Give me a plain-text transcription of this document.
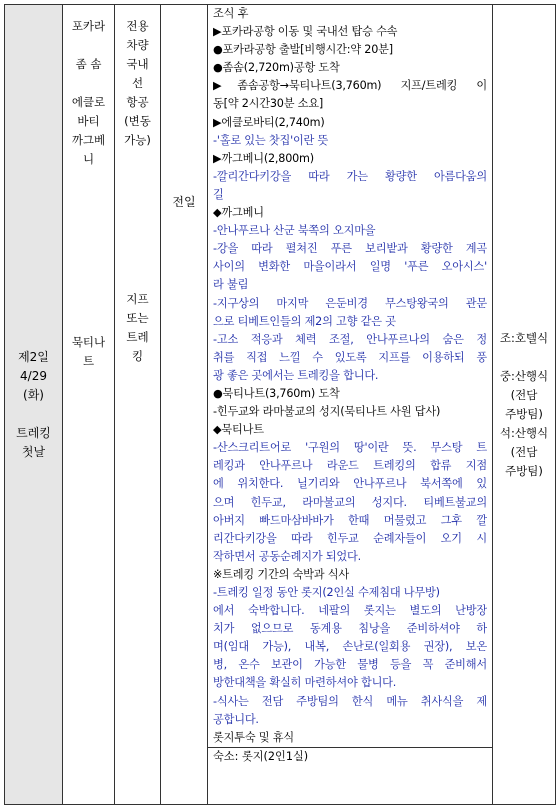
제2일
4/29
(화)
트레킹
첫날

포카라
좀 솜
에클로
바티
까그베
니
묵티나
트

전용
차량
국내
선
항공
(변동
가능)
지프
또는
트레
킹

전일

조식 후
▶포카라공항 이동 및 국내선 탑승 수속
●포카라공항 출발[비행시간:약 20분]
●좀솜(2,720m)공항 도착
▶좀솜공항→묵티나트(3,760m) 지프/트레킹 이
동[약 2시간30분 소요]
▶에클로바티(2,740m)
-'홀로 있는 찻집'이란 뜻
▶까그베니(2,800m)
-깔리간다키강을 따라 가는 황량한 아름다움의
길
◆까그베니
-안나푸르나 산군 북쪽의 오지마을
-강을 따라 펼쳐진 푸른 보리밭과 황량한 계곡
사이의 변화한 마을이라서 일명 '푸른 오아시스'
라 불림
-지구상의 마지막 은둔비경 무스탕왕국의 관문
으로 티베트인들의 제2의 고향 같은 곳
-고소 적응과 체력 조절, 안나푸르나의 숨은 정
취를 직접 느낄 수 있도록 지프를 이용하되 풍
광 좋은 곳에서는 트레킹을 합니다.
●묵티나트(3,760m) 도착
-힌두교와 라마불교의 성지(묵티나트 사원 답사)
◆묵티나트
-산스크리트어로 '구원의 땅'이란 뜻. 무스탕 트
레킹과 안나푸르나 라운드 트레킹의 합류 지점
에 위치한다. 닐기리와 안나푸르나 북서쪽에 있
으며 힌두교, 라마불교의 성지다. 티베트불교의
아버지 빠드마삼바바가 한때 머물렀고 그후 깔
리간다키강을 따라 힌두교 순례자들이 오기 시
작하면서 공동순례지가 되었다.
※트레킹 기간의 숙박과 식사
-트레킹 일정 동안 롯지(2인실 수제침대 나무방)
에서 숙박합니다. 네팔의 롯지는 별도의 난방장
치가 없으므로 동계용 침낭을 준비하셔야 하
며(임대 가능), 내복, 손난로(일회용 권장), 보온
병, 온수 보관이 가능한 물병 등을 꼭 준비해서
방한대책을 확실히 마련하셔야 합니다.
-식사는 전담 주방팀의 한식 메뉴 취사식을 제
공합니다.
롯지투숙 및 휴식
숙소: 롯지(2인1실)

조:호텔식
중:산행식
(전담
주방팀)
석:산행식
(전담
주방팀)
